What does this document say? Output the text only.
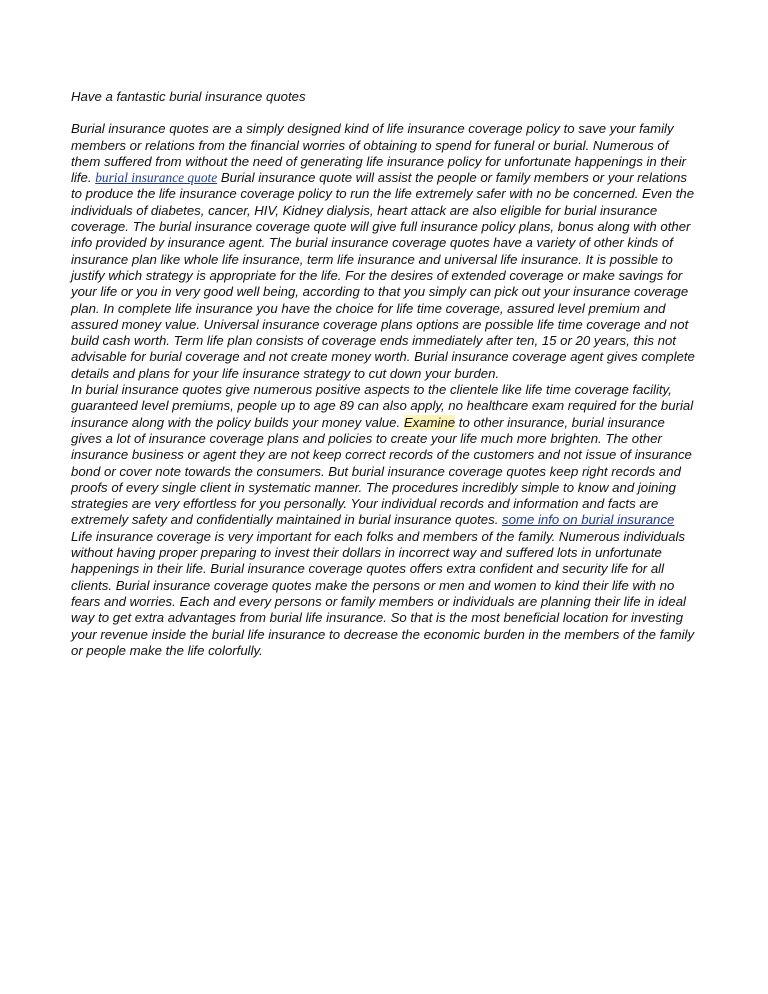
Have a fantastic burial insurance quotes

Burial insurance quotes are a simply designed kind of life insurance coverage policy to save your family members or relations from the financial worries of obtaining to spend for funeral or burial. Numerous of them suffered from without the need of generating life insurance policy for unfortunate happenings in their life. burial insurance quote Burial insurance quote will assist the people or family members or your relations to produce the life insurance coverage policy to run the life extremely safer with no be concerned. Even the individuals of diabetes, cancer, HIV, Kidney dialysis, heart attack are also eligible for burial insurance coverage. The burial insurance coverage quote will give full insurance policy plans, bonus along with other info provided by insurance agent. The burial insurance coverage quotes have a variety of other kinds of insurance plan like whole life insurance, term life insurance and universal life insurance. It is possible to justify which strategy is appropriate for the life. For the desires of extended coverage or make savings for your life or you in very good well being, according to that you simply can pick out your insurance coverage plan. In complete life insurance you have the choice for life time coverage, assured level premium and assured money value. Universal insurance coverage plans options are possible life time coverage and not build cash worth. Term life plan consists of coverage ends immediately after ten, 15 or 20 years, this not advisable for burial coverage and not create money worth. Burial insurance coverage agent gives complete details and plans for your life insurance strategy to cut down your burden.

In burial insurance quotes give numerous positive aspects to the clientele like life time coverage facility, guaranteed level premiums, people up to age 89 can also apply, no healthcare exam required for the burial insurance along with the policy builds your money value. Examine to other insurance, burial insurance gives a lot of insurance coverage plans and policies to create your life much more brighten. The other insurance business or agent they are not keep correct records of the customers and not issue of insurance bond or cover note towards the consumers. But burial insurance coverage quotes keep right records and proofs of every single client in systematic manner. The procedures incredibly simple to know and joining strategies are very effortless for you personally. Your individual records and information and facts are extremely safety and confidentially maintained in burial insurance quotes. some info on burial insurance Life insurance coverage is very important for each folks and members of the family. Numerous individuals without having proper preparing to invest their dollars in incorrect way and suffered lots in unfortunate happenings in their life. Burial insurance coverage quotes offers extra confident and security life for all clients. Burial insurance coverage quotes make the persons or men and women to kind their life with no fears and worries. Each and every persons or family members or individuals are planning their life in ideal way to get extra advantages from burial life insurance. So that is the most beneficial location for investing your revenue inside the burial life insurance to decrease the economic burden in the members of the family or people make the life colorfully.
